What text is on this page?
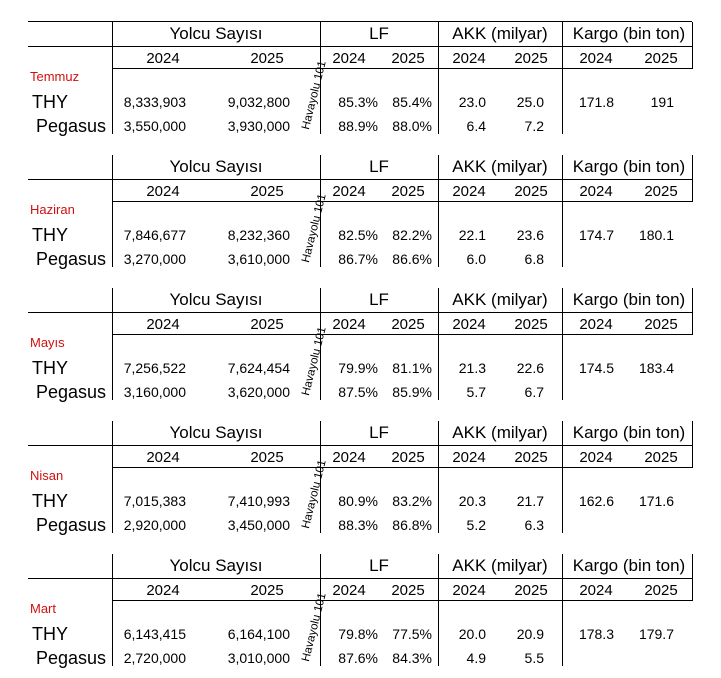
Yolcu Sayısı	LF	AKK (milyar)	Kargo (bin ton)
2024	2025	2024	2025	2024	2025	2024	2025
Temmuz
THY	8,333,903	9,032,800	85.3%	85.4%	23.0	25.0	171.8	191
Pegasus	3,550,000	3,930,000	88.9%	88.0%	6.4	7.2
Havayolu 101
Yolcu Sayısı	LF	AKK (milyar)	Kargo (bin ton)
2024	2025	2024	2025	2024	2025	2024	2025
Haziran
THY	7,846,677	8,232,360	82.5%	82.2%	22.1	23.6	174.7	180.1
Pegasus	3,270,000	3,610,000	86.7%	86.6%	6.0	6.8
Havayolu 101
Yolcu Sayısı	LF	AKK (milyar)	Kargo (bin ton)
2024	2025	2024	2025	2024	2025	2024	2025
Mayıs
THY	7,256,522	7,624,454	79.9%	81.1%	21.3	22.6	174.5	183.4
Pegasus	3,160,000	3,620,000	87.5%	85.9%	5.7	6.7
Havayolu 101
Yolcu Sayısı	LF	AKK (milyar)	Kargo (bin ton)
2024	2025	2024	2025	2024	2025	2024	2025
Nisan
THY	7,015,383	7,410,993	80.9%	83.2%	20.3	21.7	162.6	171.6
Pegasus	2,920,000	3,450,000	88.3%	86.8%	5.2	6.3
Havayolu 101
Yolcu Sayısı	LF	AKK (milyar)	Kargo (bin ton)
2024	2025	2024	2025	2024	2025	2024	2025
Mart
THY	6,143,415	6,164,100	79.8%	77.5%	20.0	20.9	178.3	179.7
Pegasus	2,720,000	3,010,000	87.6%	84.3%	4.9	5.5
Havayolu 101
